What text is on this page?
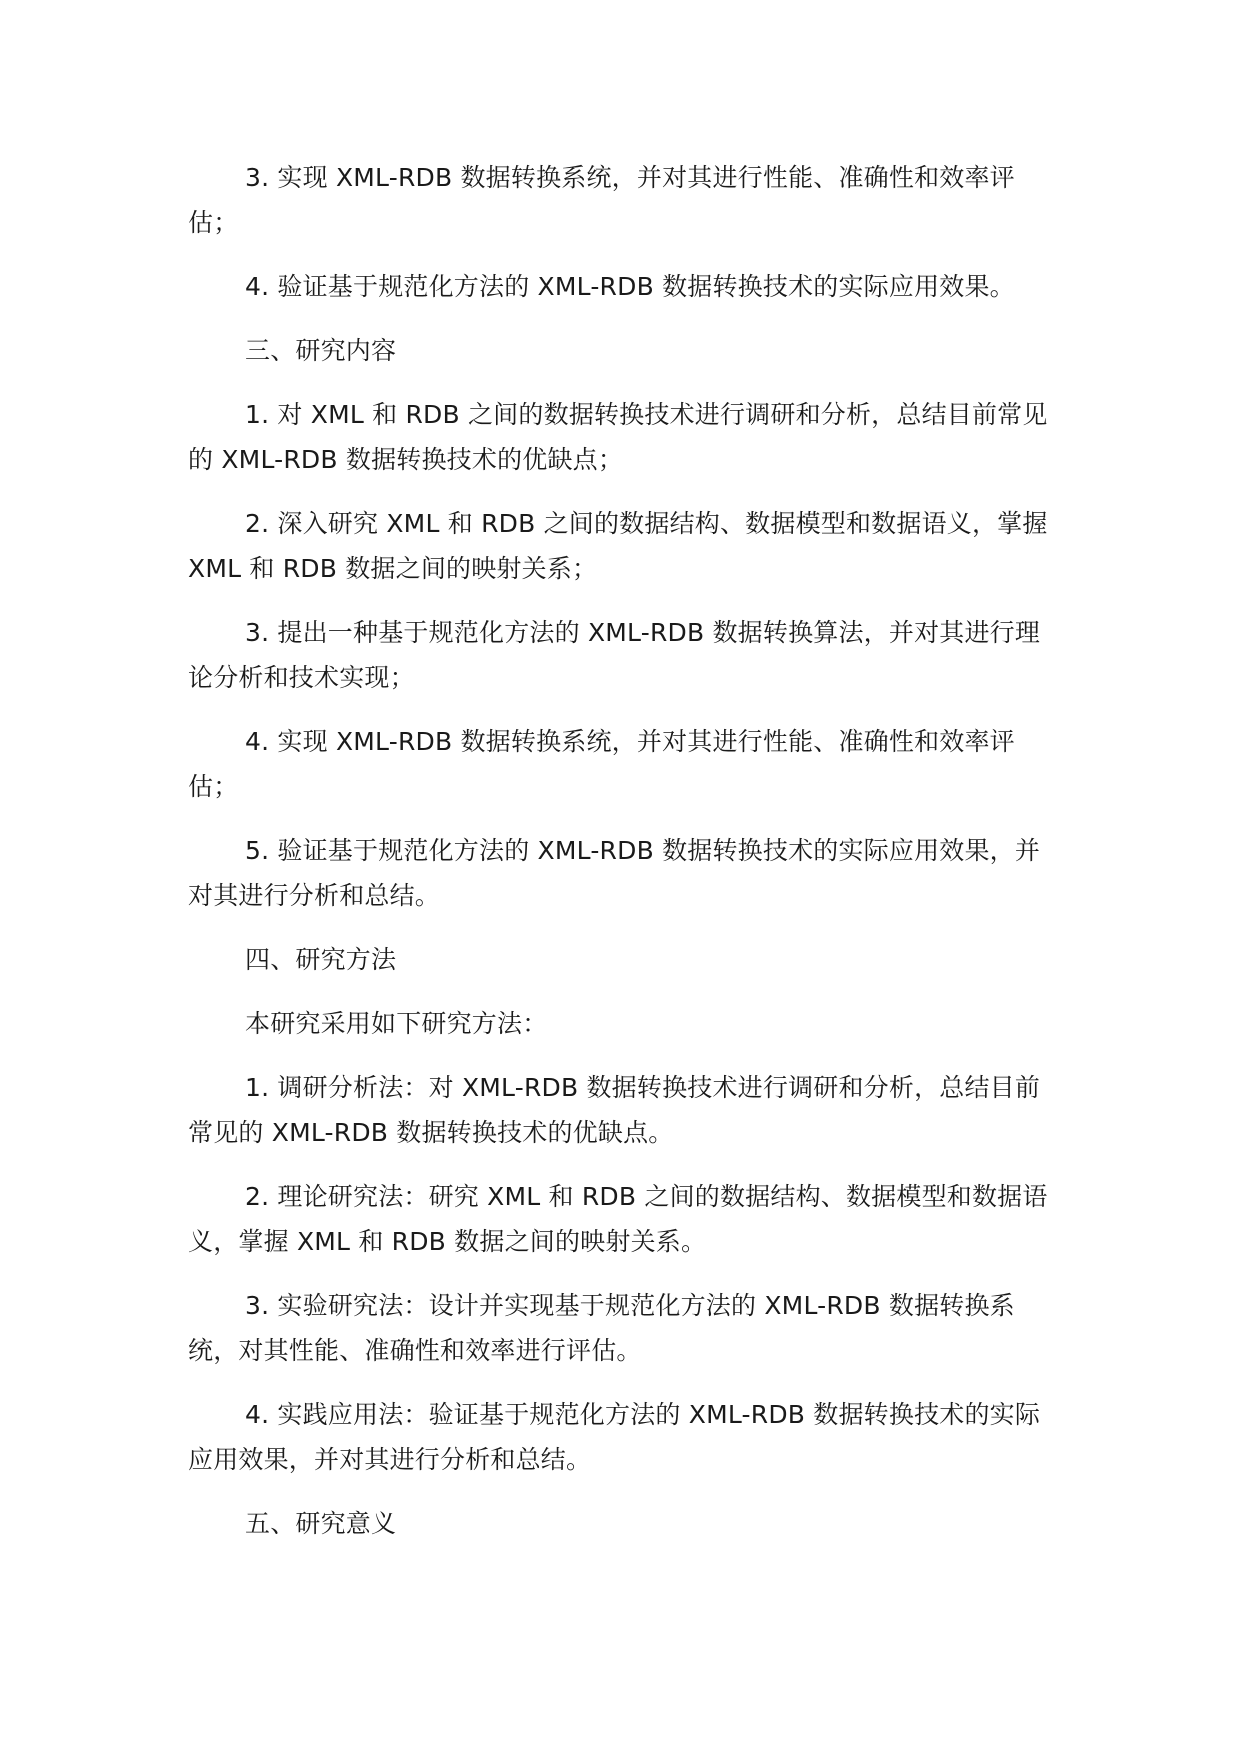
3. 实现 XML-RDB 数据转换系统，并对其进行性能、准确性和效率评估；

4. 验证基于规范化方法的 XML-RDB 数据转换技术的实际应用效果。

三、研究内容

1. 对 XML 和 RDB 之间的数据转换技术进行调研和分析，总结目前常见的 XML-RDB 数据转换技术的优缺点；

2. 深入研究 XML 和 RDB 之间的数据结构、数据模型和数据语义，掌握 XML 和 RDB 数据之间的映射关系；

3. 提出一种基于规范化方法的 XML-RDB 数据转换算法，并对其进行理论分析和技术实现；

4. 实现 XML-RDB 数据转换系统，并对其进行性能、准确性和效率评估；

5. 验证基于规范化方法的 XML-RDB 数据转换技术的实际应用效果，并对其进行分析和总结。

四、研究方法

本研究采用如下研究方法：

1. 调研分析法：对 XML-RDB 数据转换技术进行调研和分析，总结目前常见的 XML-RDB 数据转换技术的优缺点。

2. 理论研究法：研究 XML 和 RDB 之间的数据结构、数据模型和数据语义，掌握 XML 和 RDB 数据之间的映射关系。

3. 实验研究法：设计并实现基于规范化方法的 XML-RDB 数据转换系统，对其性能、准确性和效率进行评估。

4. 实践应用法：验证基于规范化方法的 XML-RDB 数据转换技术的实际应用效果，并对其进行分析和总结。

五、研究意义
